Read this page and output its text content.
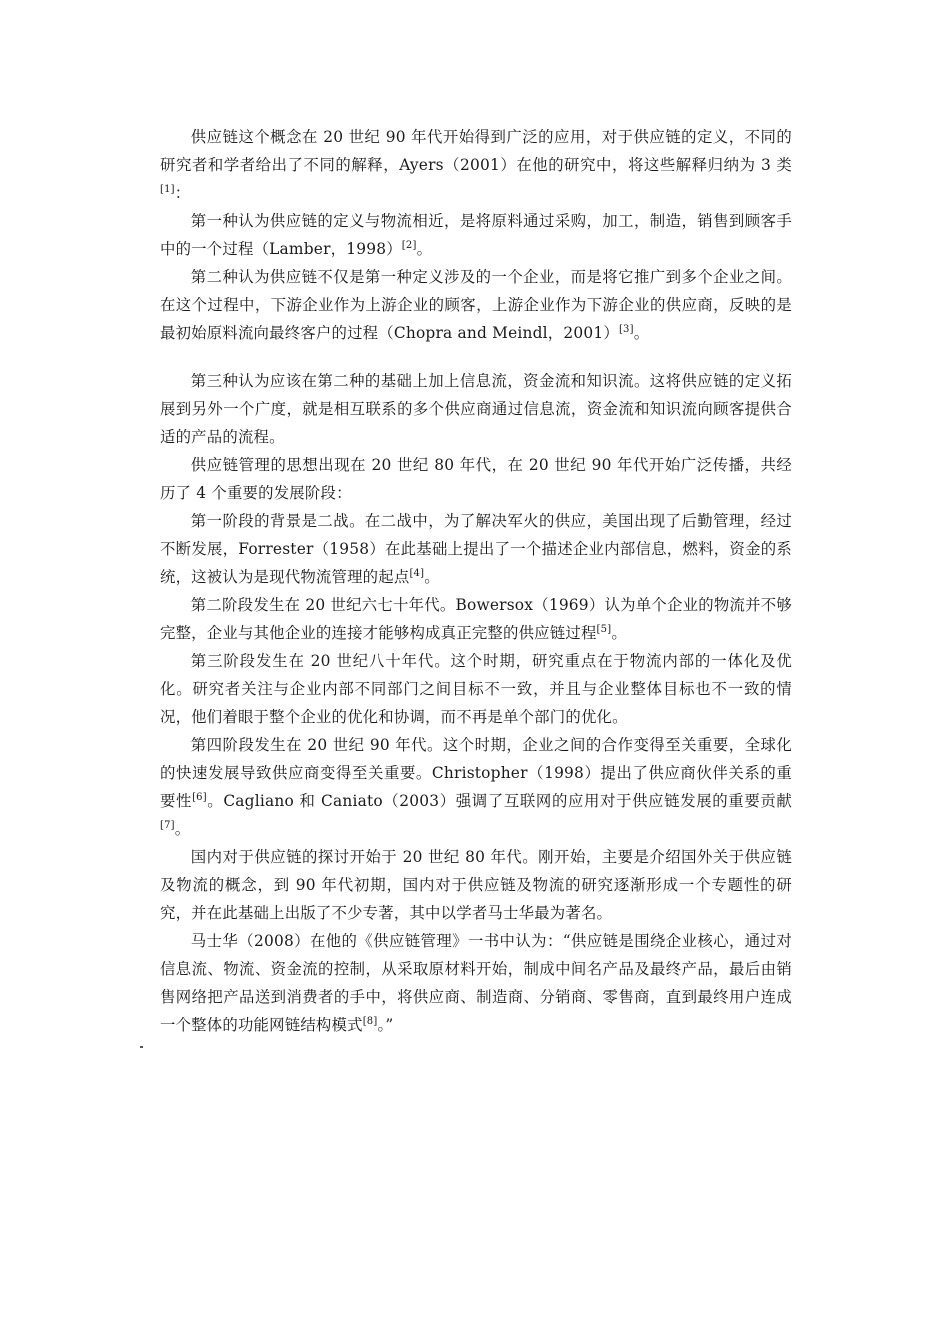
供应链这个概念在 20 世纪 90 年代开始得到广泛的应用，对于供应链的定义，不同的研究者和学者给出了不同的解释，Ayers（2001）在他的研究中，将这些解释归纳为 3 类[1]：

第一种认为供应链的定义与物流相近，是将原料通过采购，加工，制造，销售到顾客手中的一个过程（Lamber，1998）[2]。

第二种认为供应链不仅是第一种定义涉及的一个企业，而是将它推广到多个企业之间。在这个过程中，下游企业作为上游企业的顾客，上游企业作为下游企业的供应商，反映的是最初始原料流向最终客户的过程（Chopra and Meindl，2001）[3]。

第三种认为应该在第二种的基础上加上信息流，资金流和知识流。这将供应链的定义拓展到另外一个广度，就是相互联系的多个供应商通过信息流，资金流和知识流向顾客提供合适的产品的流程。

供应链管理的思想出现在 20 世纪 80 年代，在 20 世纪 90 年代开始广泛传播，共经历了 4 个重要的发展阶段：

第一阶段的背景是二战。在二战中，为了解决军火的供应，美国出现了后勤管理，经过不断发展，Forrester（1958）在此基础上提出了一个描述企业内部信息，燃料，资金的系统，这被认为是现代物流管理的起点[4]。

第二阶段发生在 20 世纪六七十年代。Bowersox（1969）认为单个企业的物流并不够完整，企业与其他企业的连接才能够构成真正完整的供应链过程[5]。

第三阶段发生在 20 世纪八十年代。这个时期，研究重点在于物流内部的一体化及优化。研究者关注与企业内部不同部门之间目标不一致，并且与企业整体目标也不一致的情况，他们着眼于整个企业的优化和协调，而不再是单个部门的优化。

第四阶段发生在 20 世纪 90 年代。这个时期，企业之间的合作变得至关重要，全球化的快速发展导致供应商变得至关重要。Christopher（1998）提出了供应商伙伴关系的重要性[6]。Cagliano 和 Caniato（2003）强调了互联网的应用对于供应链发展的重要贡献[7]。

国内对于供应链的探讨开始于 20 世纪 80 年代。刚开始，主要是介绍国外关于供应链及物流的概念，到 90 年代初期，国内对于供应链及物流的研究逐渐形成一个专题性的研究，并在此基础上出版了不少专著，其中以学者马士华最为著名。

马士华（2008）在他的《供应链管理》一书中认为：“供应链是围绕企业核心，通过对信息流、物流、资金流的控制，从采取原材料开始，制成中间名产品及最终产品，最后由销售网络把产品送到消费者的手中，将供应商、制造商、分销商、零售商，直到最终用户连成一个整体的功能网链结构模式[8]。”
